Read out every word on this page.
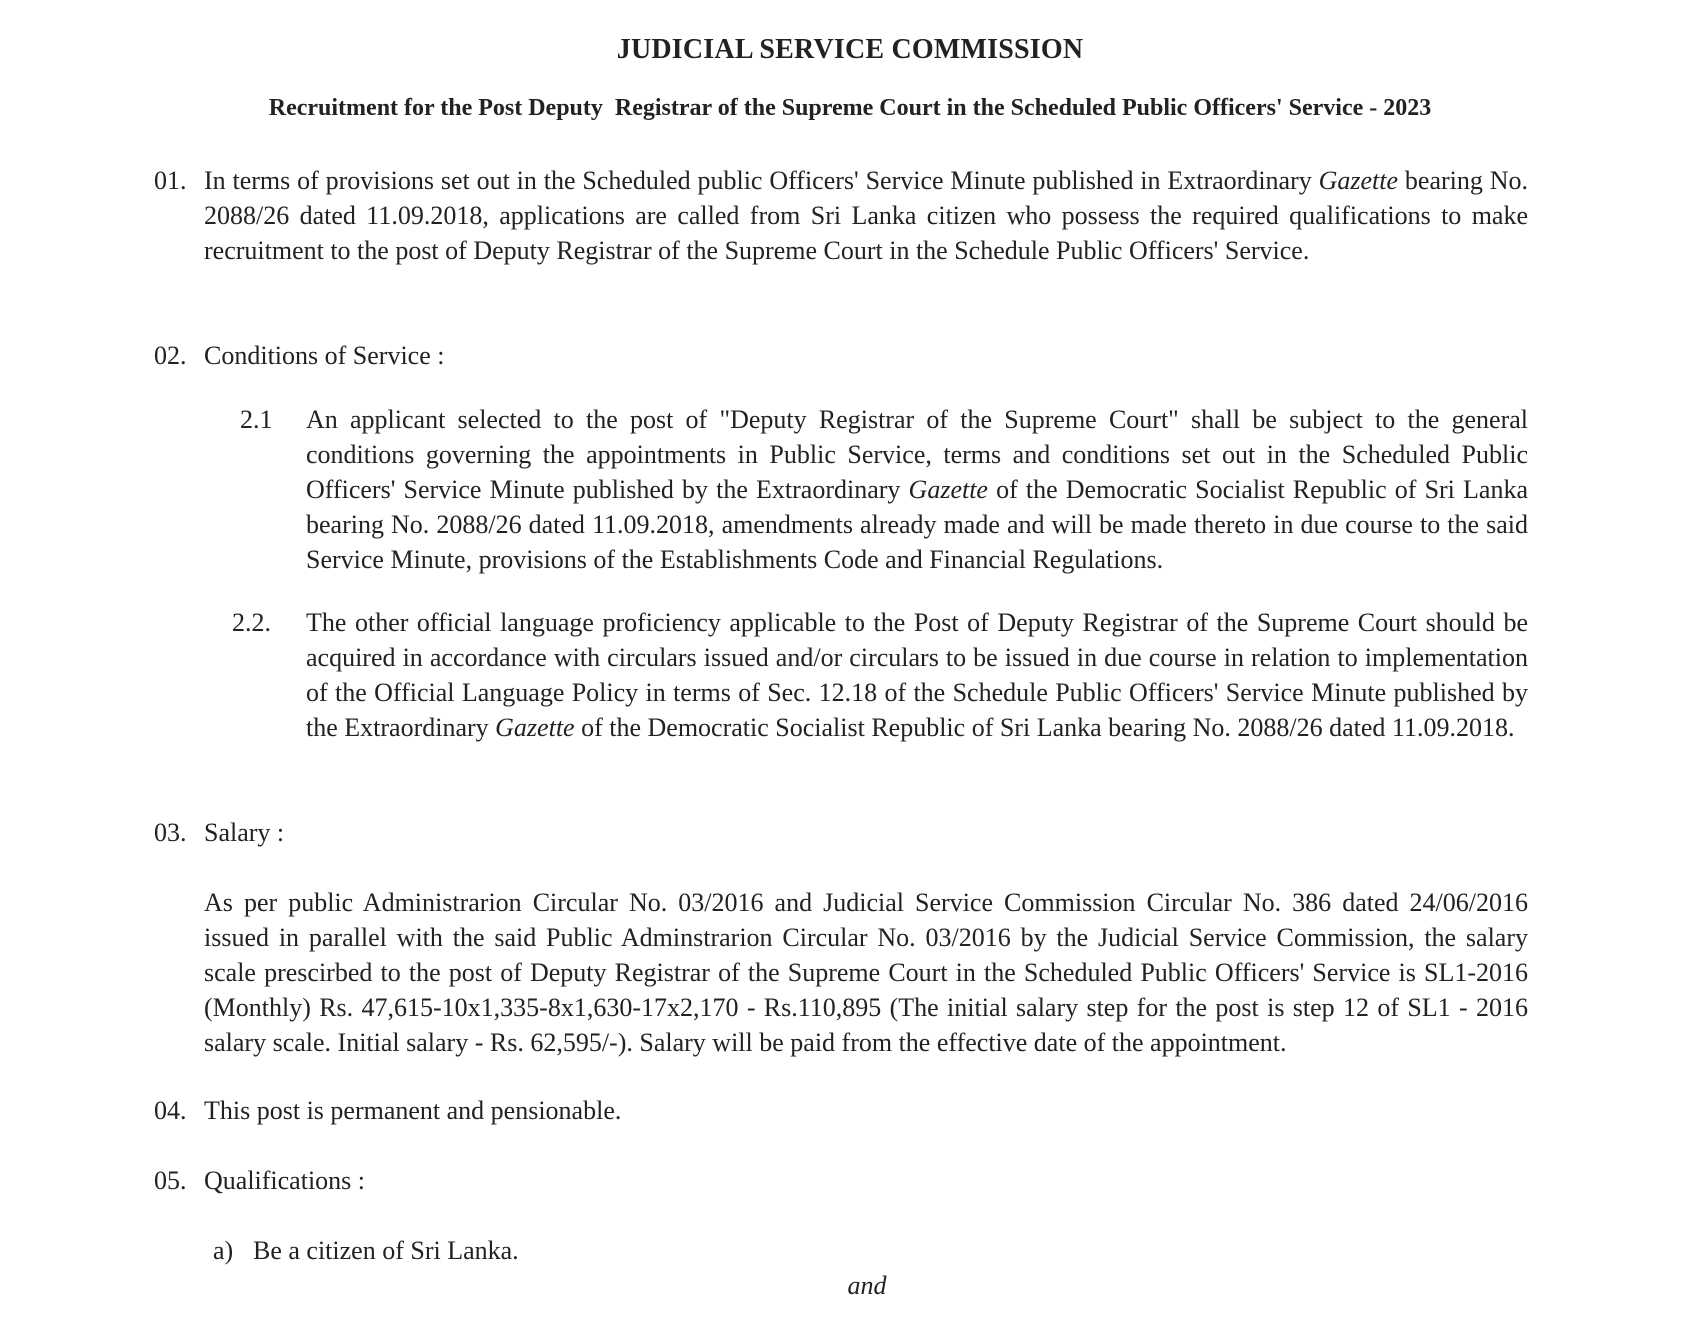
JUDICIAL SERVICE COMMISSION
Recruitment for the Post Deputy  Registrar of the Supreme Court in the Scheduled Public Officers' Service - 2023
01. In terms of provisions set out in the Scheduled public Officers' Service Minute published in Extraordinary Gazette bearing No. 2088/26 dated 11.09.2018, applications are called from Sri Lanka citizen who possess the required qualifications to make recruitment to the post of Deputy Registrar of the Supreme Court in the Schedule Public Officers' Service.
02. Conditions of Service :
2.1 An applicant selected to the post of "Deputy Registrar of the Supreme Court" shall be subject to the general conditions governing the appointments in Public Service, terms and conditions set out in the Scheduled Public Officers' Service Minute published by the Extraordinary Gazette of the Democratic Socialist Republic of Sri Lanka bearing No. 2088/26 dated 11.09.2018, amendments already made and will be made thereto in due course to the said Service Minute, provisions of the Establishments Code and Financial Regulations.
2.2. The other official language proficiency applicable to the Post of Deputy Registrar of the Supreme Court should be acquired in accordance with circulars issued and/or circulars to be issued in due course in relation to implementation of the Official Language Policy in terms of Sec. 12.18 of the Schedule Public Officers' Service Minute published by the Extraordinary Gazette of the Democratic Socialist Republic of Sri Lanka bearing No. 2088/26 dated 11.09.2018.
03. Salary :
As per public Administrarion Circular No. 03/2016 and Judicial Service Commission Circular No. 386 dated 24/06/2016 issued in parallel with the said Public Adminstrarion Circular No. 03/2016 by the Judicial Service Commission, the salary scale prescirbed to the post of Deputy Registrar of the Supreme Court in the Scheduled Public Officers' Service is SL1-2016 (Monthly) Rs. 47,615-10x1,335-8x1,630-17x2,170 - Rs.110,895 (The initial salary step for the post is step 12 of SL1 - 2016 salary scale. Initial salary - Rs. 62,595/-). Salary will be paid from the effective date of the appointment.
04. This post is permanent and pensionable.
05. Qualifications :
a) Be a citizen of Sri Lanka.
and
